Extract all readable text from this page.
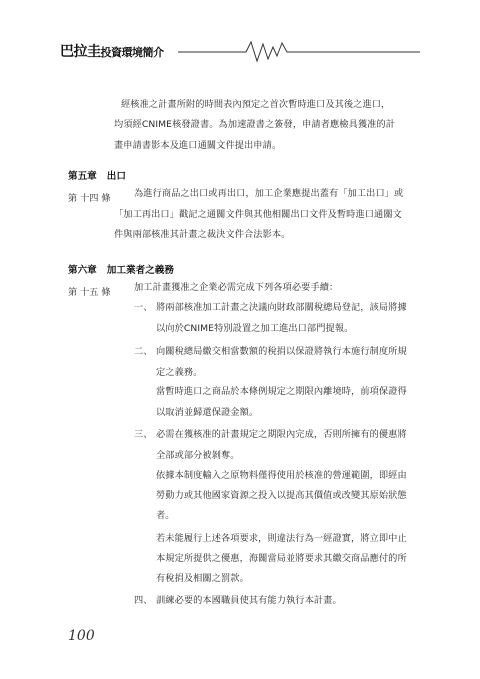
巴拉圭投資環境簡介
經核准之計畫所附的時間表內預定之首次暫時進口及其後之進口，
均須經CNIME核發證書。為加速證書之簽發，申請者應檢具獲准的計
畫申請書影本及進口通關文件提出申請。
第五章 出口
第 十四 條	為進行商品之出口或再出口，加工企業應提出蓋有「加工出口」或
「加工再出口」戳記之通關文件與其他相關出口文件及暫時進口通關文
件與兩部核准其計畫之裁決文件合法影本。
第六章 加工業者之義務
第 十五 條	加工計畫獲准之企業必需完成下列各項必要手續：
一、 將兩部核准加工計畫之決議向財政部關稅總局登記，該局將據
以向於CNIME特別設置之加工進出口部門提報。
二、 向關稅總局繳交相當數額的稅捐以保證將執行本施行制度所規
定之義務。
當暫時進口之商品於本條例規定之期限內離境時，前項保證得
以取消並歸還保證金額。
三、 必需在獲核准的計畫規定之期限內完成，否則所擁有的優惠將
全部或部分被剝奪。
依據本制度輸入之原物料僅得使用於核准的營運範圍，即經由
勞動力或其他國家資源之投入以提高其價值或改變其原始狀態
者。
若未能履行上述各項要求，則違法行為一經證實，將立即中止
本規定所提供之優惠，海關當局並將要求其繳交商品應付的所
有稅捐及相關之罰款。
四、 訓練必要的本國職員使其有能力執行本計畫。
100
